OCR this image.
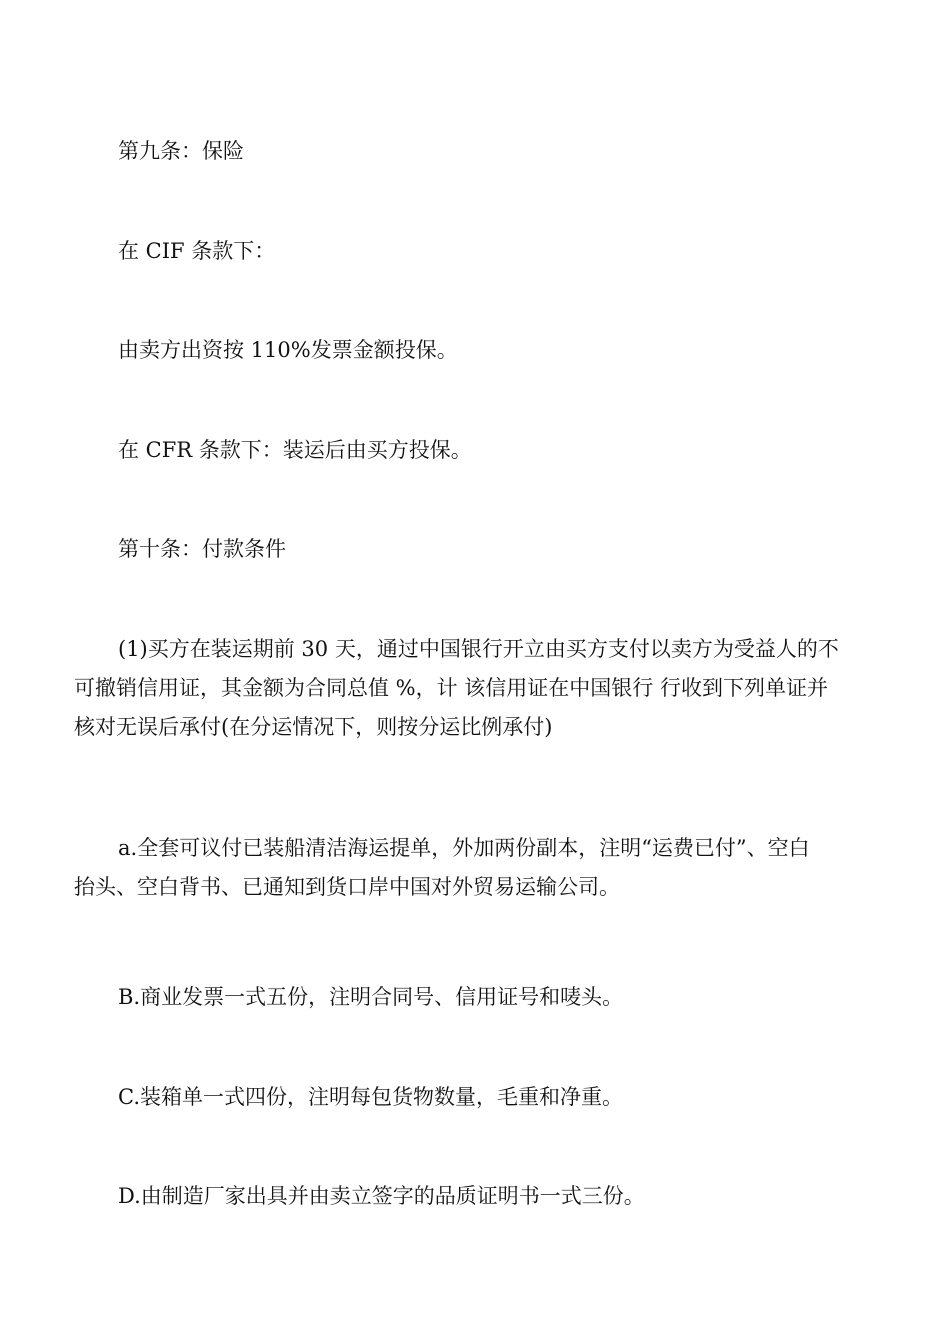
第九条：保险

在 CIF 条款下：

由卖方出资按 110%发票金额投保。

在 CFR 条款下：装运后由买方投保。

第十条：付款条件

(1)买方在装运期前 30 天，通过中国银行开立由买方支付以卖方为受益人的不
可撤销信用证，其金额为合同总值 %，计 该信用证在中国银行 行收到下列单证并
核对无误后承付(在分运情况下，则按分运比例承付)
a.全套可议付已装船清洁海运提单，外加两份副本，注明“运费已付”、空白
抬头、空白背书、已通知到货口岸中国对外贸易运输公司。

B.商业发票一式五份，注明合同号、信用证号和唛头。

C.装箱单一式四份，注明每包货物数量，毛重和净重。

D.由制造厂家出具并由卖立签字的品质证明书一式三份。
